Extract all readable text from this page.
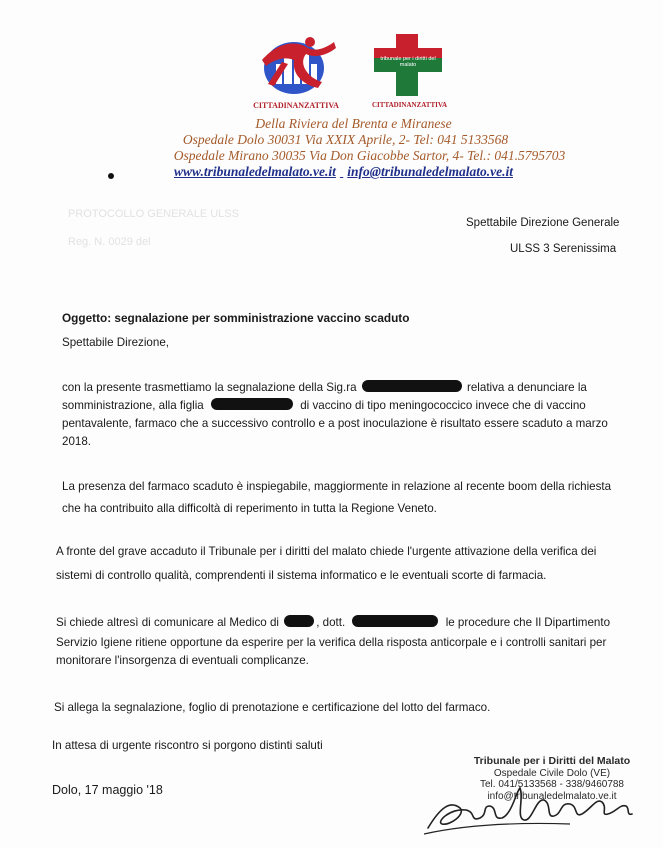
CITTADINANZATTIVA
tribunale per i diritti del malato
CITTADINANZATTIVA
Della Riviera del Brenta e Miranese
Ospedale Dolo 30031 Via XXIX Aprile, 2- Tel: 041 5133568
Ospedale Mirano 30035 Via Don Giacobbe Sartor, 4- Tel.: 041.5795703
www.tribunaledelmalato.ve.it info@tribunaledelmalato.ve.it
PROTOCOLLO GENERALE ULSS
Reg. N. 0029 del
Spettabile Direzione Generale
ULSS 3 Serenissima
Oggetto: segnalazione per somministrazione vaccino scaduto
Spettabile Direzione,
con la presente trasmettiamo la segnalazione della Sig.ra	relativa a denunciare la
somministrazione, alla figlia	di vaccino di tipo meningococcico invece che di vaccino
pentavalente, farmaco che a successivo controllo e a post inoculazione è risultato essere scaduto a marzo
2018.
La presenza del farmaco scaduto è inspiegabile, maggiormente in relazione al recente boom della richiesta
che ha contribuito alla difficoltà di reperimento in tutta la Regione Veneto.
A fronte del grave accaduto il Tribunale per i diritti del malato chiede l'urgente attivazione della verifica dei
sistemi di controllo qualità, comprendenti il sistema informatico e le eventuali scorte di farmacia.
Si chiede altresì di comunicare al Medico di	, dott.	le procedure che Il Dipartimento
Servizio Igiene ritiene opportune da esperire per la verifica della risposta anticorpale e i controlli sanitari per
monitorare l'insorgenza di eventuali complicanze.
Si allega la segnalazione, foglio di prenotazione e certificazione del lotto del farmaco.
In attesa di urgente riscontro si porgono distinti saluti
Dolo, 17 maggio '18
Tribunale per i Diritti del Malato
Ospedale Civile Dolo (VE)
Tel. 041/5133568 - 338/9460788
info@tribunaledelmalato.ve.it
